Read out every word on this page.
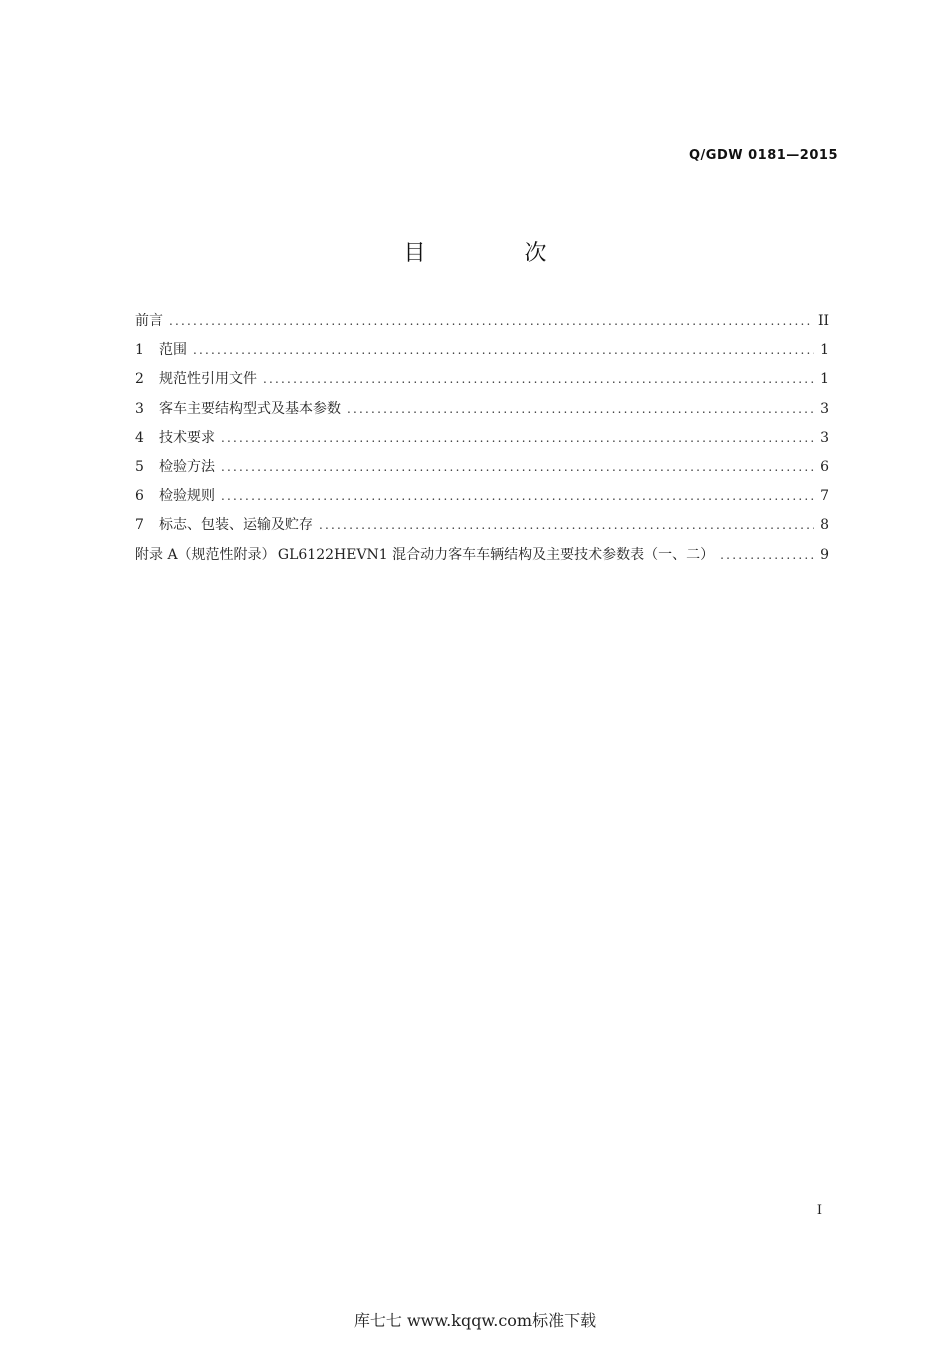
Q/GDW 0181—2015
目 次
前言 .....	II
1	范围 .....	1
2	规范性引用文件 .....	1
3	客车主要结构型式及基本参数 .....	3
4	技术要求 .....	3
5	检验方法 .....	6
6	检验规则 .....	7
7	标志、包装、运输及贮存 .....	8
附录 A（规范性附录） GL6122HEVN1 混合动力客车车辆结构及主要技术参数表（一、二） .....	9
I
库七七 www.kqqw.com标准下载
